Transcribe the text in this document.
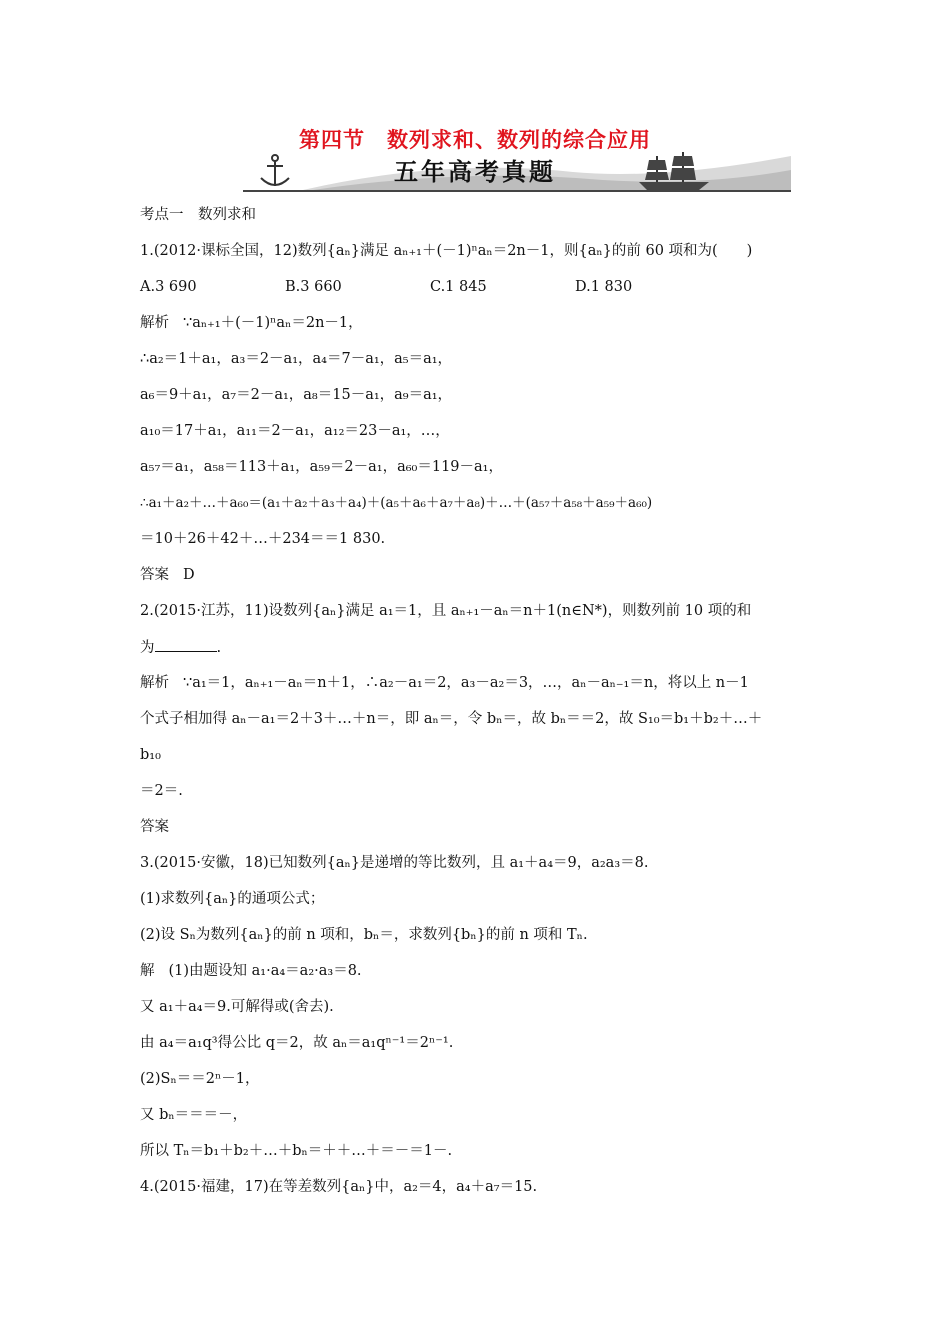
第四节　数列求和、数列的综合应用
五年高考真题
考点一　数列求和
1.(2012·课标全国，12)数列{aₙ}满足 aₙ₊₁＋(－1)ⁿaₙ＝2n－1，则{aₙ}的前 60 项和为(　　)
A.3 690	B.3 660	C.1 845	D.1 830
解析 ∵aₙ₊₁＋(－1)ⁿaₙ＝2n－1，
∴a₂＝1＋a₁，a₃＝2－a₁，a₄＝7－a₁，a₅＝a₁，
a₆＝9＋a₁，a₇＝2－a₁，a₈＝15－a₁，a₉＝a₁，
a₁₀＝17＋a₁，a₁₁＝2－a₁，a₁₂＝23－a₁，…，
a₅₇＝a₁，a₅₈＝113＋a₁，a₅₉＝2－a₁，a₆₀＝119－a₁，
∴a₁＋a₂＋…＋a₆₀＝(a₁＋a₂＋a₃＋a₄)＋(a₅＋a₆＋a₇＋a₈)＋…＋(a₅₇＋a₅₈＋a₅₉＋a₆₀)
＝10＋26＋42＋…＋234＝＝1 830.
答案 D
2.(2015·江苏，11)设数列{aₙ}满足 a₁＝1，且 aₙ₊₁－aₙ＝n＋1(n∈N*)，则数列前 10 项的和
为	.
解析 ∵a₁＝1，aₙ₊₁－aₙ＝n＋1，∴a₂－a₁＝2，a₃－a₂＝3，…，aₙ－aₙ₋₁＝n，将以上 n－1
个式子相加得 aₙ－a₁＝2＋3＋…＋n＝，即 aₙ＝，令 bₙ＝，故 bₙ＝＝2，故 S₁₀＝b₁＋b₂＋…＋
b₁₀
＝2＝.
答案
3.(2015·安徽，18)已知数列{aₙ}是递增的等比数列，且 a₁＋a₄＝9，a₂a₃＝8.
(1)求数列{aₙ}的通项公式；
(2)设 Sₙ为数列{aₙ}的前 n 项和，bₙ＝，求数列{bₙ}的前 n 项和 Tₙ.
解 (1)由题设知 a₁·a₄＝a₂·a₃＝8.
又 a₁＋a₄＝9.可解得或(舍去).
由 a₄＝a₁q³得公比 q＝2，故 aₙ＝a₁qⁿ⁻¹＝2ⁿ⁻¹.
(2)Sₙ＝＝2ⁿ－1，
又 bₙ＝＝＝－，
所以 Tₙ＝b₁＋b₂＋…＋bₙ＝＋＋…＋＝－＝1－.
4.(2015·福建，17)在等差数列{aₙ}中，a₂＝4，a₄＋a₇＝15.
